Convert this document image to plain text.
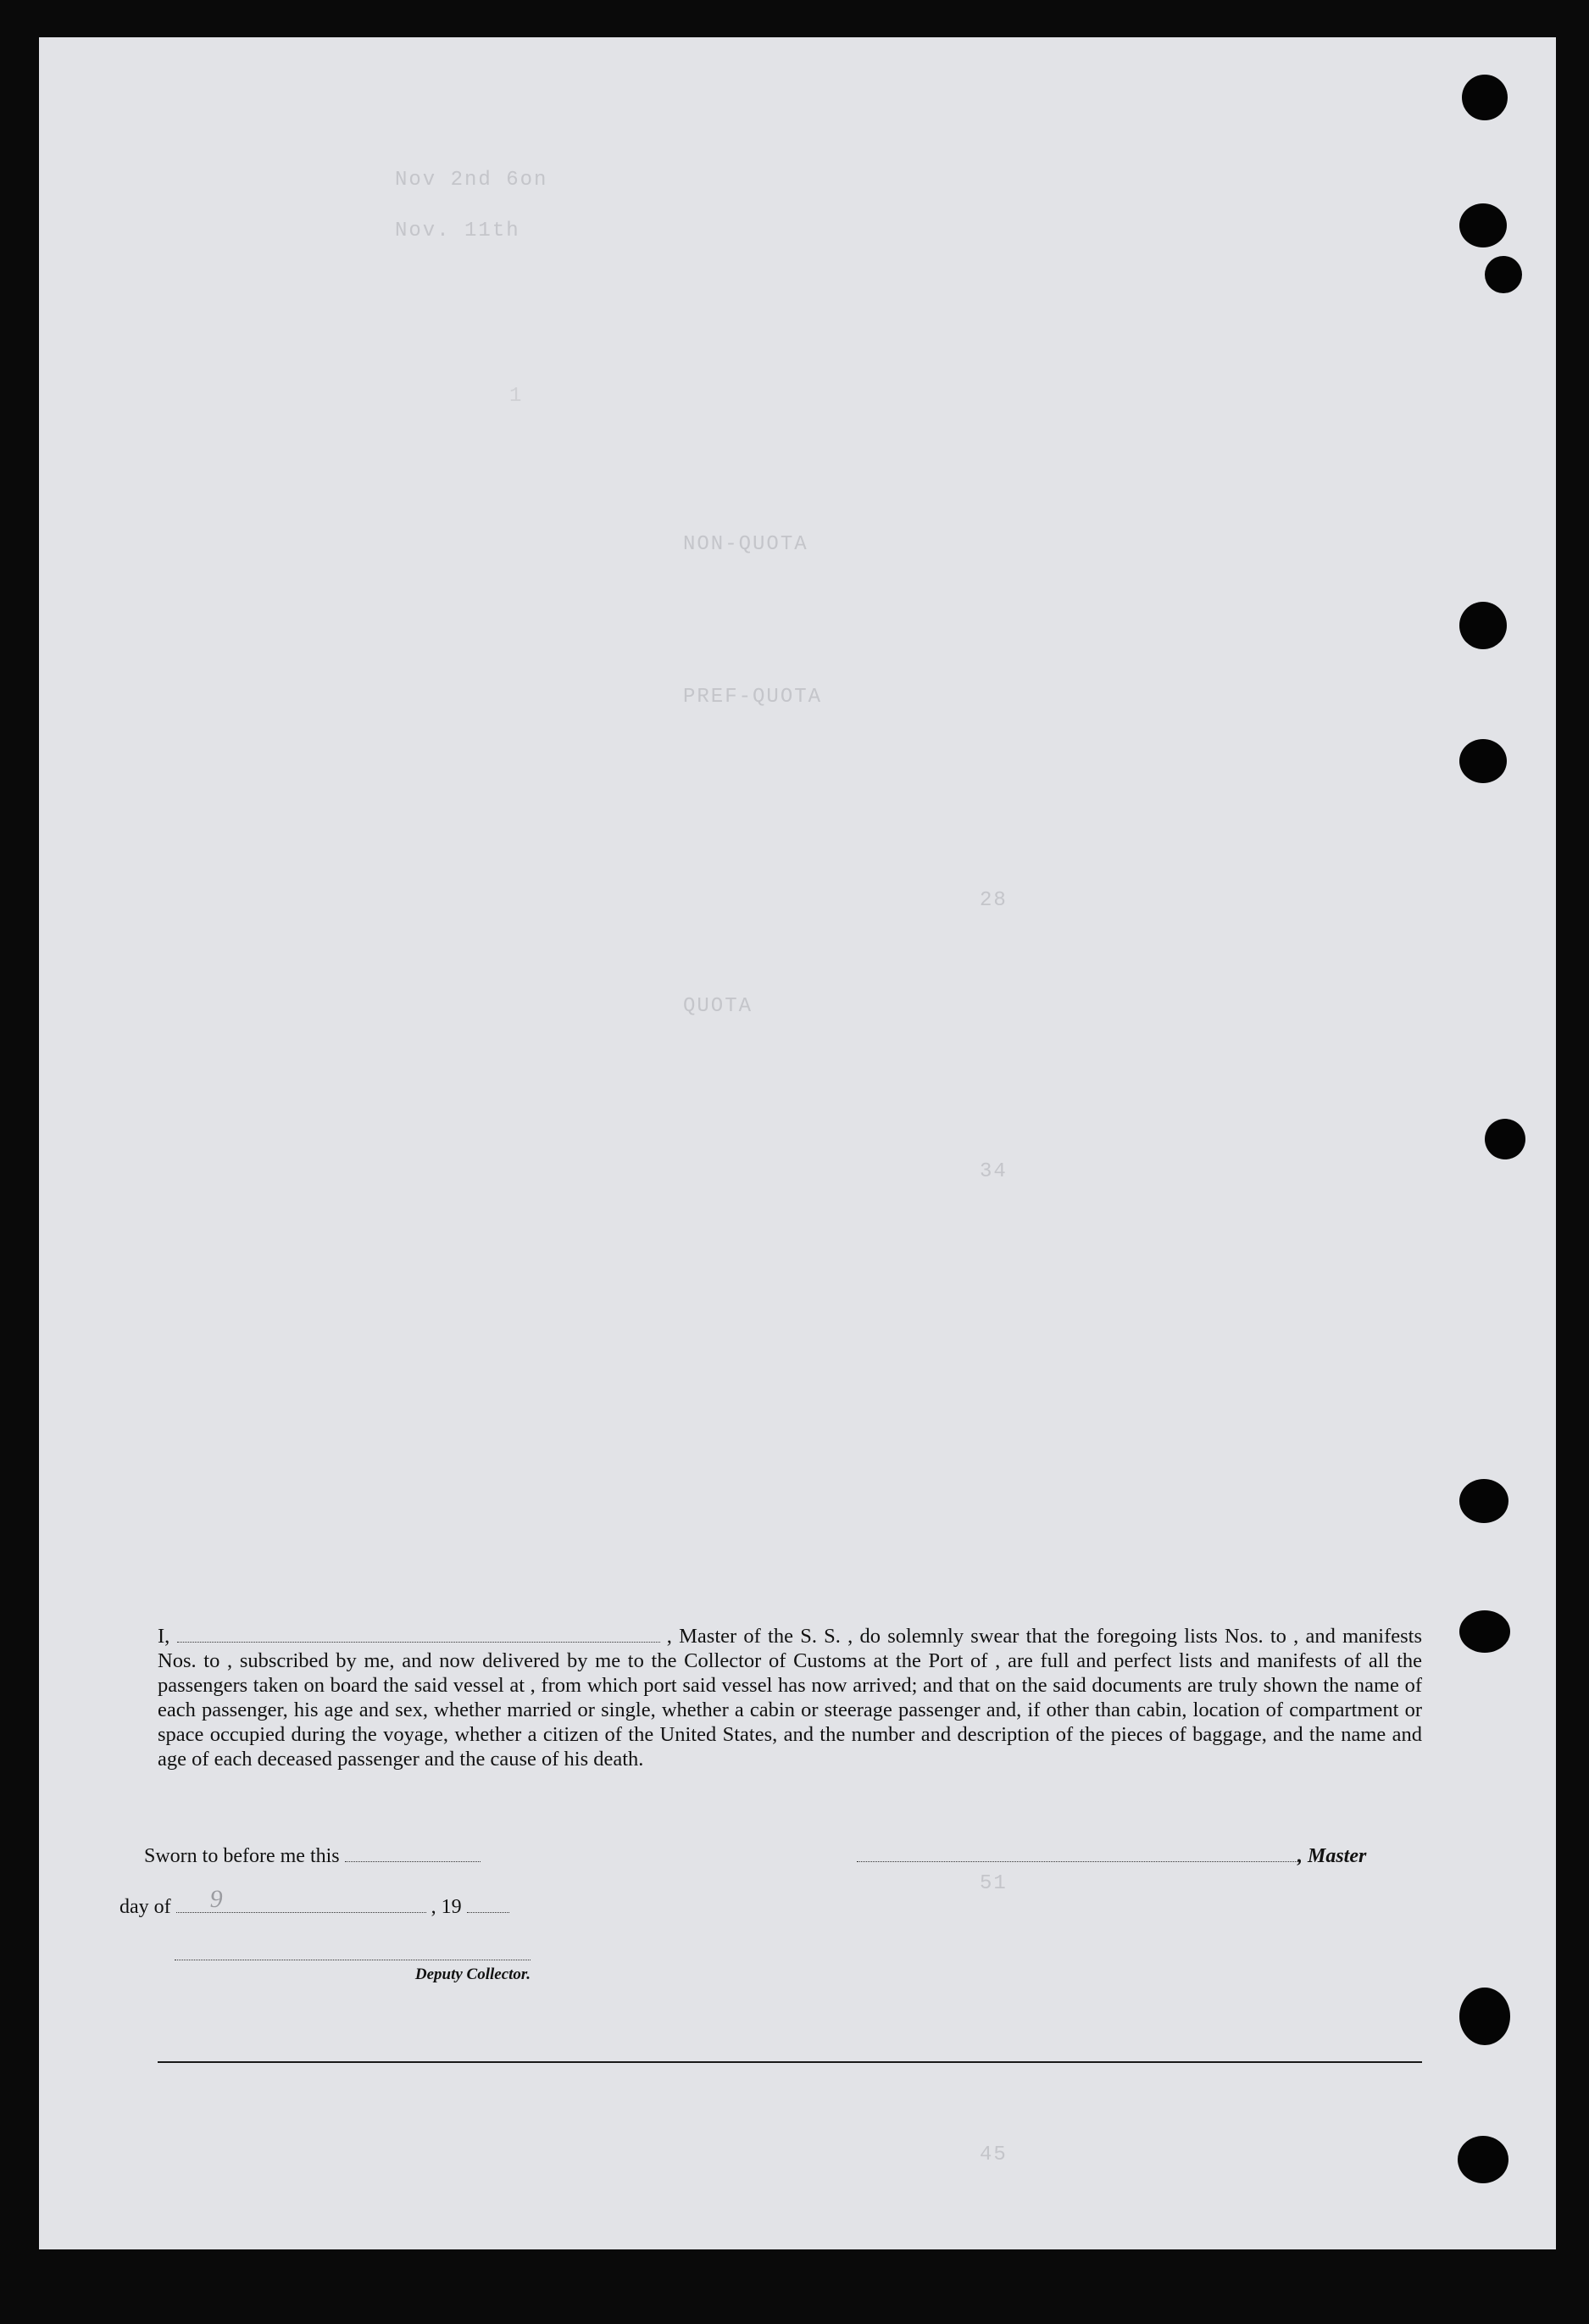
Nov 2nd 6on
Nov. 11th
1
NON-QUOTA
PREF-QUOTA
QUOTA
28
34
51
45
I,	, Master of the S. S. , do solemnly swear that the foregoing lists Nos. to , and manifests Nos. to , subscribed by me, and now delivered by me to the Collector of Customs at the Port of , are full and perfect lists and manifests of all the passengers taken on board the said vessel at , from which port said vessel has now arrived; and that on the said documents are truly shown the name of each passenger, his age and sex, whether married or single, whether a cabin or steerage passenger and, if other than cabin, location of compartment or space occupied during the voyage, whether a citizen of the United States, and the number and description of the pieces of baggage, and the name and age of each deceased passenger and the cause of his death.
Sworn to before me this	, Master
day of 9	, 19
Deputy Collector.
